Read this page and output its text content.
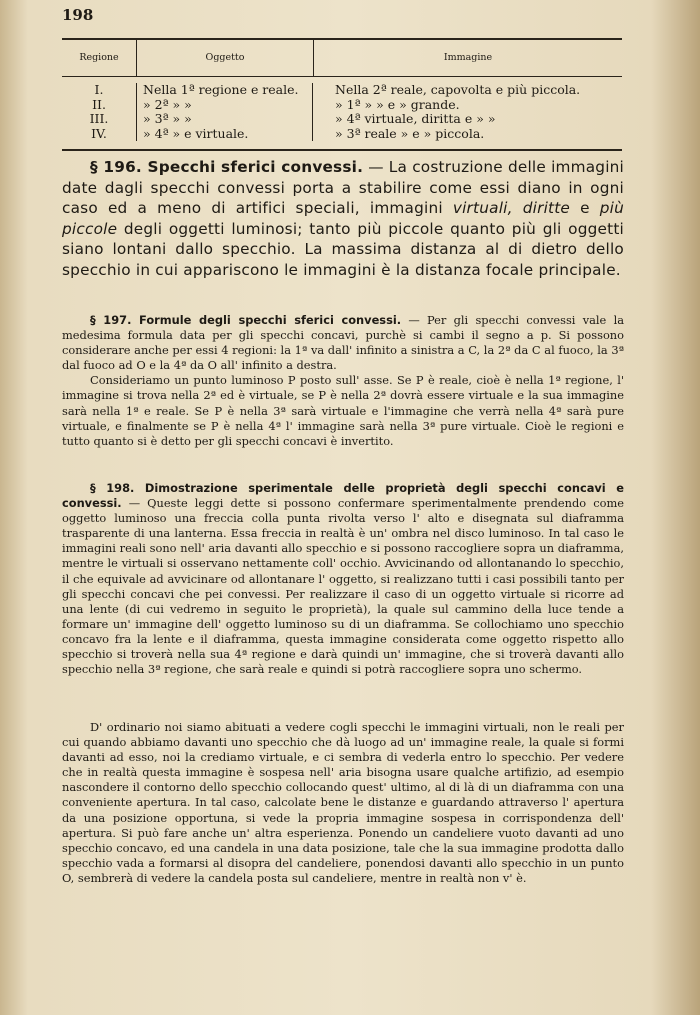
198
Regione	Oggetto	Immagine
I.
II.
III.
IV.
Nella 1ª regione e reale.
» 2ª » »
» 3ª » »
» 4ª » e virtuale.
Nella 2ª reale, capovolta e più piccola.
» 1ª » » e » grande.
» 4ª virtuale, diritta e » »
» 3ª reale » e » piccola.
§ 196. Specchi sferici convessi. — La costruzione delle immagini date dagli specchi convessi porta a stabilire come essi diano in ogni caso ed a meno di artifici speciali, immagini virtuali, diritte e più piccole degli oggetti luminosi; tanto più piccole quanto più gli oggetti siano lontani dallo specchio. La massima distanza al di dietro dello specchio in cui appariscono le immagini è la distanza focale principale.

§ 197. Formule degli specchi sferici convessi. — Per gli specchi convessi vale la medesima formula data per gli specchi concavi, purchè si cambi il segno a p. Si possono considerare anche per essi 4 regioni: la 1ª va dall' infinito a sinistra a C, la 2ª da C al fuoco, la 3ª dal fuoco ad O e la 4ª da O all' infinito a destra.

Consideriamo un punto luminoso P posto sull' asse. Se P è reale, cioè è nella 1ª regione, l' immagine si trova nella 2ª ed è virtuale, se P è nella 2ª dovrà essere virtuale e la sua immagine sarà nella 1ª e reale. Se P è nella 3ª sarà virtuale e l'immagine che verrà nella 4ª sarà pure virtuale, e finalmente se P è nella 4ª l' immagine sarà nella 3ª pure virtuale. Cioè le regioni e tutto quanto si è detto per gli specchi concavi è invertito.

§ 198. Dimostrazione sperimentale delle proprietà degli specchi concavi e convessi. — Queste leggi dette si possono confermare sperimentalmente prendendo come oggetto luminoso una freccia colla punta rivolta verso l' alto e disegnata sul diaframma trasparente di una lanterna. Essa freccia in realtà è un' ombra nel disco luminoso. In tal caso le immagini reali sono nell' aria davanti allo specchio e si possono raccogliere sopra un diaframma, mentre le virtuali si osservano nettamente coll' occhio. Avvicinando od allontanando lo specchio, il che equivale ad avvicinare od allontanare l' oggetto, si realizzano tutti i casi possibili tanto per gli specchi concavi che pei convessi. Per realizzare il caso di un oggetto virtuale si ricorre ad una lente (di cui vedremo in seguito le proprietà), la quale sul cammino della luce tende a formare un' immagine dell' oggetto luminoso su di un diaframma. Se collochiamo uno specchio concavo fra la lente e il diaframma, questa immagine considerata come oggetto rispetto allo specchio si troverà nella sua 4ª regione e darà quindi un' immagine, che si troverà davanti allo specchio nella 3ª regione, che sarà reale e quindi si potrà raccogliere sopra uno schermo.

D' ordinario noi siamo abituati a vedere cogli specchi le immagini virtuali, non le reali per cui quando abbiamo davanti uno specchio che dà luogo ad un' immagine reale, la quale si formi davanti ad esso, noi la crediamo virtuale, e ci sembra di vederla entro lo specchio. Per vedere che in realtà questa immagine è sospesa nell' aria bisogna usare qualche artifizio, ad esempio nascondere il contorno dello specchio collocando quest' ultimo, al di là di un diaframma con una conveniente apertura. In tal caso, calcolate bene le distanze e guardando attraverso l' apertura da una posizione opportuna, si vede la propria immagine sospesa in corrispondenza dell' apertura. Si può fare anche un' altra esperienza. Ponendo un candeliere vuoto davanti ad uno specchio concavo, ed una candela in una data posizione, tale che la sua immagine prodotta dallo specchio vada a formarsi al disopra del candeliere, ponendosi davanti allo specchio in un punto O, sembrerà di vedere la candela posta sul candeliere, mentre in realtà non v' è.
